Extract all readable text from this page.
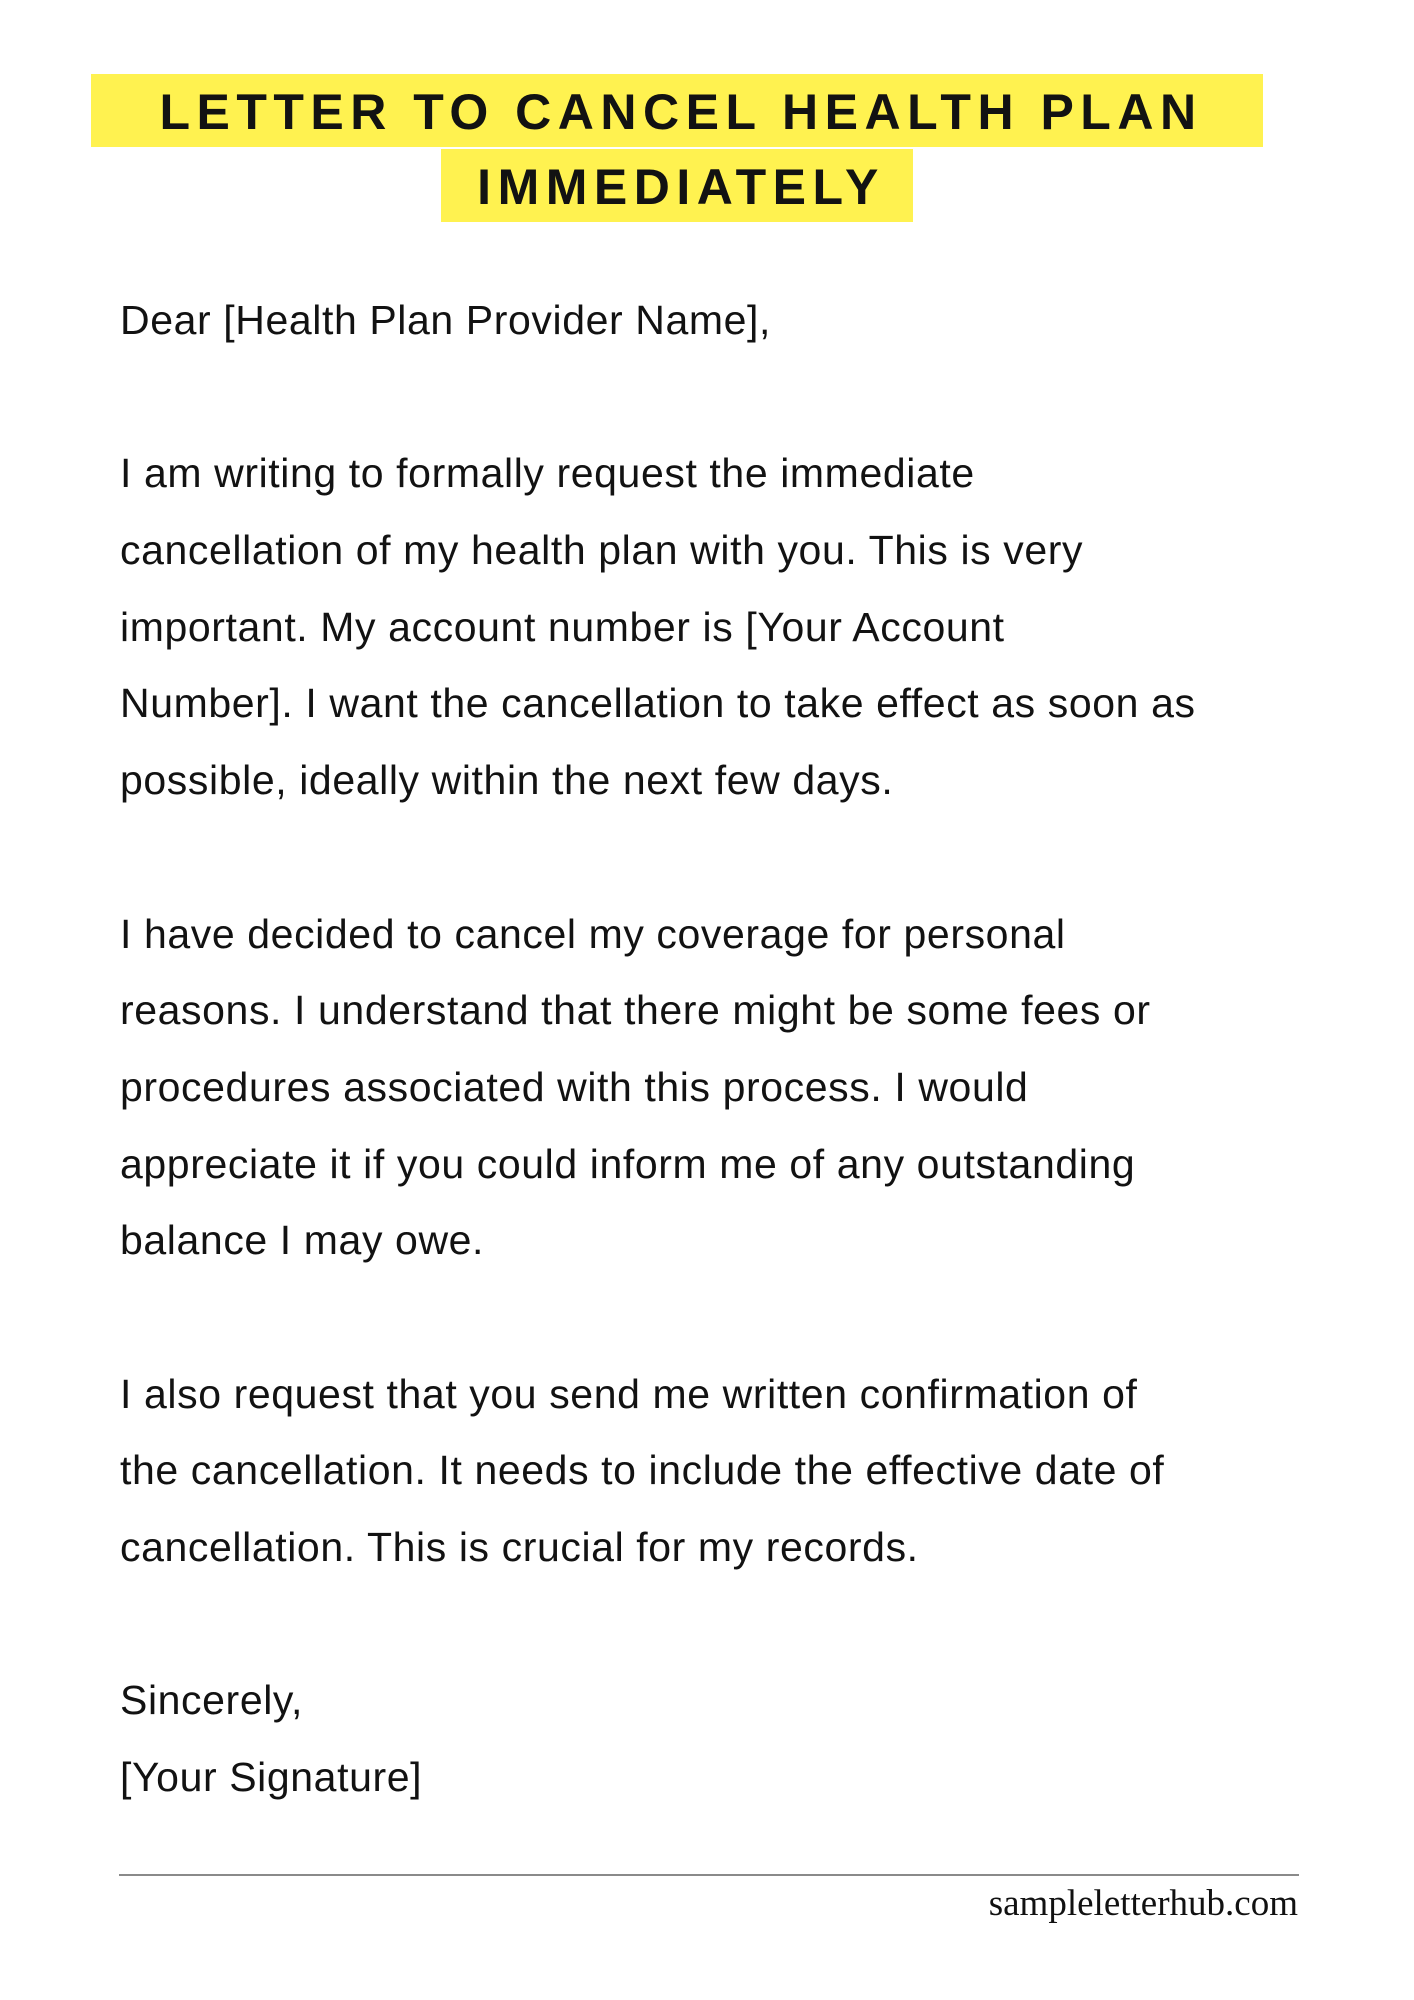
LETTER TO CANCEL HEALTH PLAN
IMMEDIATELY
Dear [Health Plan Provider Name],
I am writing to formally request the immediate
cancellation of my health plan with you. This is very
important. My account number is [Your Account
Number]. I want the cancellation to take effect as soon as
possible, ideally within the next few days.
I have decided to cancel my coverage for personal
reasons. I understand that there might be some fees or
procedures associated with this process. I would
appreciate it if you could inform me of any outstanding
balance I may owe.
I also request that you send me written confirmation of
the cancellation. It needs to include the effective date of
cancellation. This is crucial for my records.
Sincerely,
[Your Signature]
sampleletterhub.com
